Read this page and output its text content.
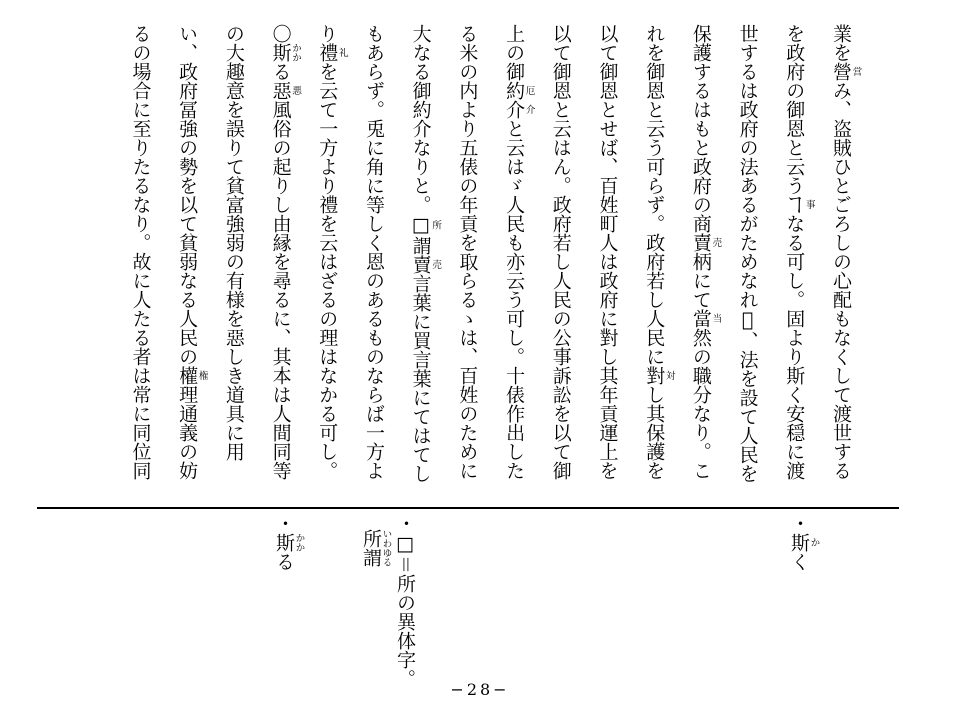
業を營営み、盗賊ひとごろしの心配もなくして渡世する
を政府の御恩と云うヿ事なる可し。固より斯く安穏に渡
世するは政府の法あるがためなれ𪜈、法を設て人民を
保護するはもと政府の商賣売柄にて當当然の職分なり。こ
れを御恩と云う可らず。政府若し人民に對対し其保護を
以て御恩とせば、百姓町人は政府に對し其年貢運上を
以て御恩と云はん。政府若し人民の公事訴訟を以て御
上の御約厄介介と云はゞ人民も亦云う可し。十俵作出した
る米の内より五俵の年貢を取らるゝは、百姓のために
大なる御約介なりと。□所謂賣売言葉に買言葉にてはてし
もあらず。兎に角に等しく恩のあるものならば一方よ
り禮礼を云て一方より禮を云はざるの理はなかる可し。
〇斯かかる惡悪風俗の起りし由縁を尋るに、其本は人間同等
の大趣意を誤りて貧富強弱の有様を惡しき道具に用
い、政府冨強の勢を以て貧弱なる人民の權権理通義の妨
るの場合に至りたるなり。故に人たる者は常に同位同
・斯かく
・□＝所の異体字。
所謂いわゆる
・斯かかる
−28−
